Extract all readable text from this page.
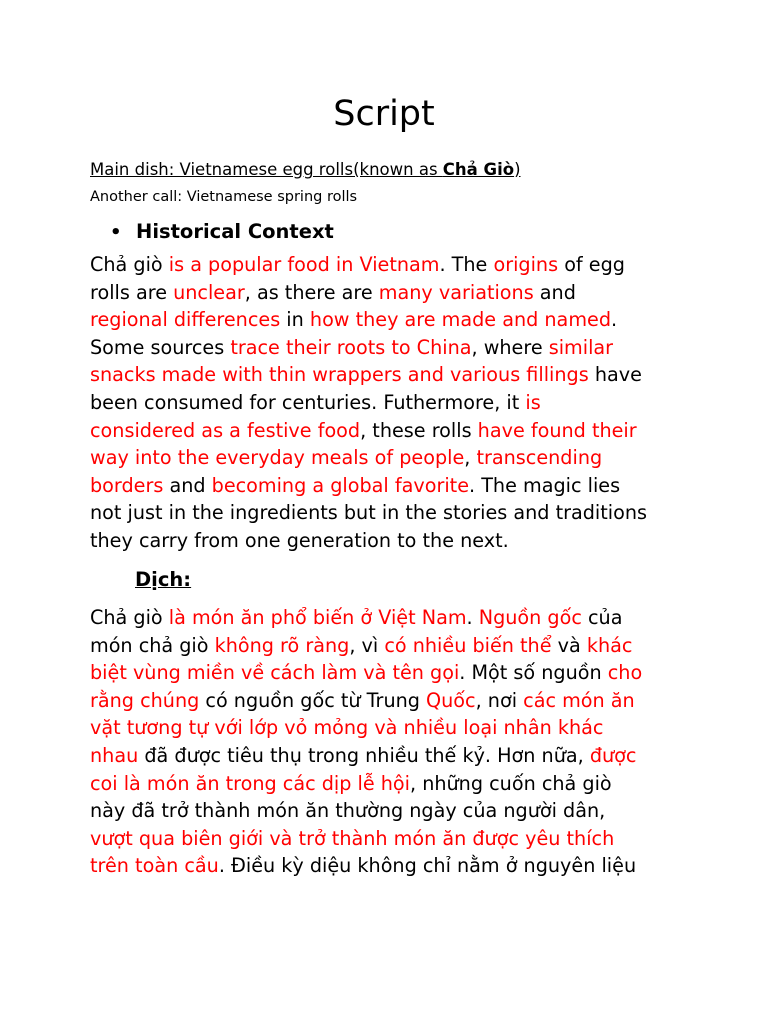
Script
Main dish: Vietnamese egg rolls(known as Chả Giò)
Another call: Vietnamese spring rolls
• Historical Context
Chả giò is a popular food in Vietnam. The origins of egg
rolls are unclear, as there are many variations and
regional differences in how they are made and named.
Some sources trace their roots to China, where similar
snacks made with thin wrappers and various fillings have
been consumed for centuries. Futhermore, it is
considered as a festive food, these rolls have found their
way into the everyday meals of people, transcending
borders and becoming a global favorite. The magic lies
not just in the ingredients but in the stories and traditions
they carry from one generation to the next.
Dịch:
Chả giò là món ăn phổ biến ở Việt Nam. Nguồn gốc của
món chả giò không rõ ràng, vì có nhiều biến thể và khác
biệt vùng miền về cách làm và tên gọi. Một số nguồn cho
rằng chúng có nguồn gốc từ Trung Quốc, nơi các món ăn
vặt tương tự với lớp vỏ mỏng và nhiều loại nhân khác
nhau đã được tiêu thụ trong nhiều thế kỷ. Hơn nữa, được
coi là món ăn trong các dịp lễ hội, những cuốn chả giò
này đã trở thành món ăn thường ngày của người dân,
vượt qua biên giới và trở thành món ăn được yêu thích
trên toàn cầu. Điều kỳ diệu không chỉ nằm ở nguyên liệu
